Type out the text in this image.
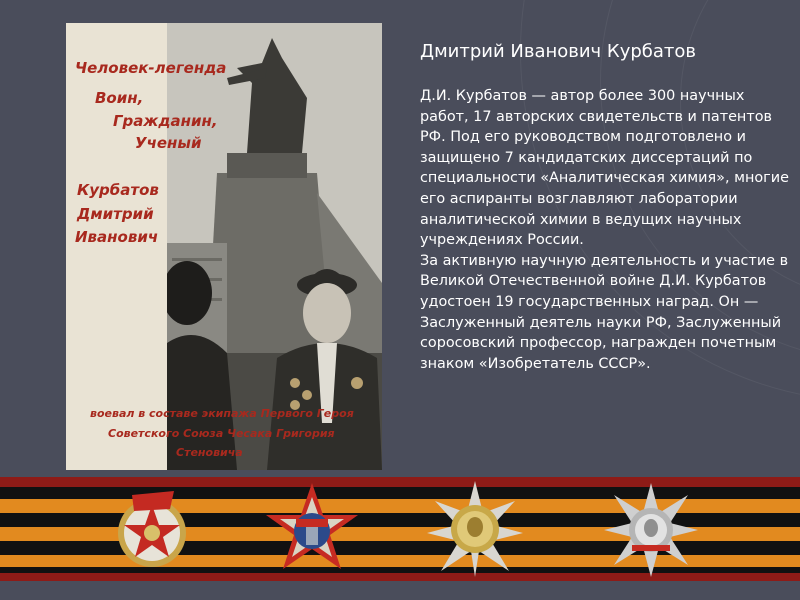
Человек-легенда
Воин,
Гражданин,
Ученый
Курбатов
Дмитрий
Иванович
воевал в составе экипажа Первого Героя
Советского Союза Чесака Григория
Стеновича
Дмитрий Иванович Курбатов

Д.И. Курбатов — автор более 300 научных работ, 17 авторских свидетельств и патентов РФ. Под его руководством подготовлено и защищено 7 кандидатских диссертаций по специальности «Аналитическая химия», многие его аспиранты возглавляют лаборатории аналитической химии в ведущих научных учреждениях России.

За активную научную деятельность и участие в Великой Отечественной войне Д.И. Курбатов удостоен 19 государственных наград. Он — Заслуженный деятель науки РФ, Заслуженный соросовский профессор, награжден почетным знаком «Изобретатель СССР».
